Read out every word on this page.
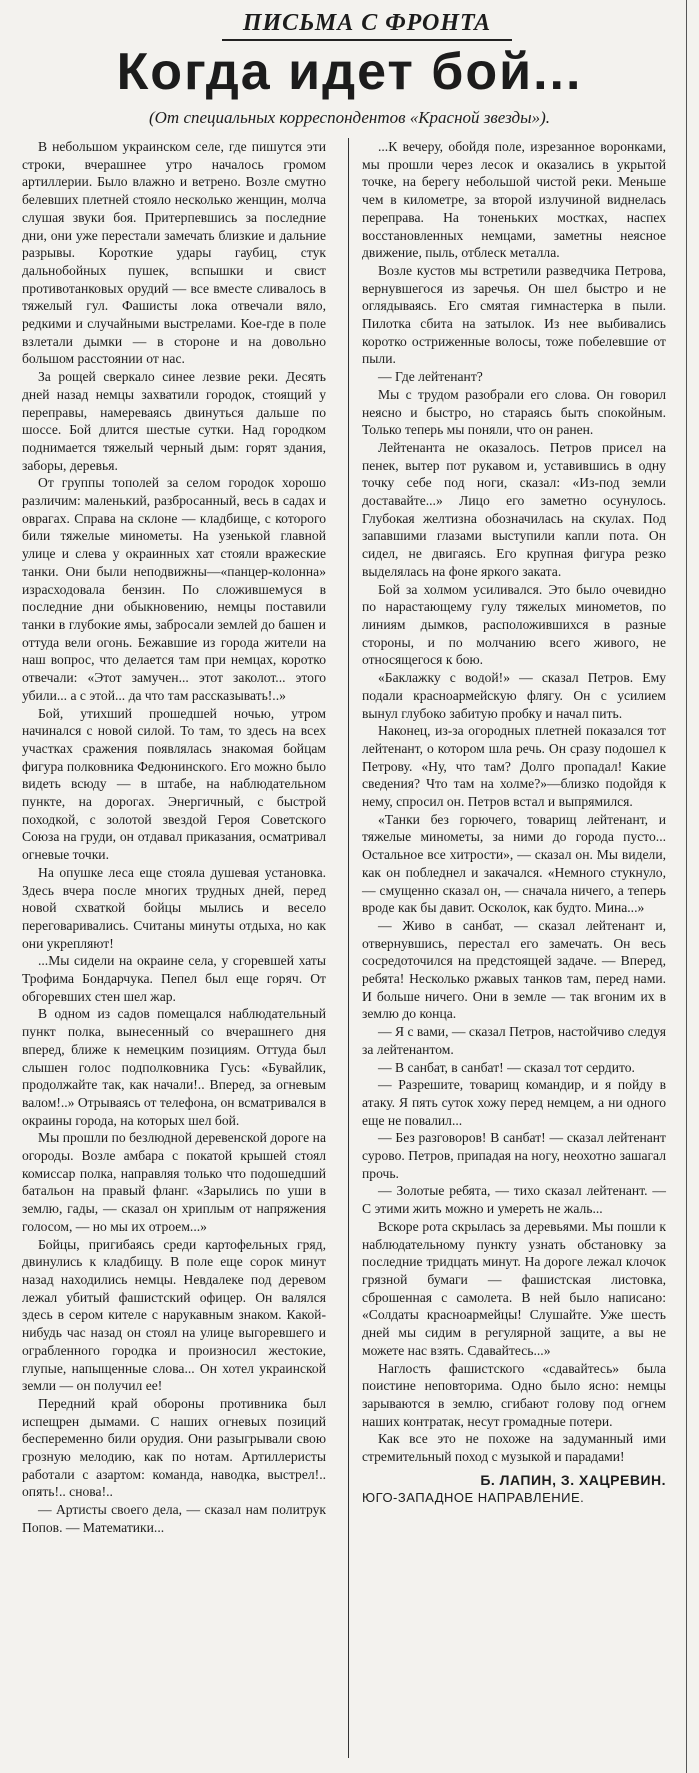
ПИСЬМА С ФРОНТА
Когда идет бой...
(От специальных корреспондентов «Красной звезды»).

В небольшом украинском селе, где пишутся эти строки, вчерашнее утро началось громом артиллерии. Было влажно и ветрено. Возле смутно белевших плетней стояло несколько женщин, молча слушая звуки боя. Притерпевшись за последние дни, они уже перестали замечать близкие и дальние разрывы. Короткие удары гаубиц, стук дальнобойных пушек, вспышки и свист противотанковых орудий — все вместе сливалось в тяжелый гул. Фашисты лока отвечали вяло, редкими и случайными выстрелами. Кое-где в поле взлетали дымки — в стороне и на довольно большом расстоянии от нас.

За рощей сверкало синее лезвие реки. Десять дней назад немцы захватили городок, стоящий у переправы, намереваясь двинуться дальше по шоссе. Бой длится шестые сутки. Над городком поднимается тяжелый черный дым: горят здания, заборы, деревья.

От группы тополей за селом городок хорошо различим: маленький, разбросанный, весь в садах и оврагах. Справа на склоне — кладбище, с которого били тяжелые минометы. На узенькой главной улице и слева у окраинных хат стояли вражеские танки. Они были неподвижны—«панцер-колонна» израсходовала бензин. По сложившемуся в последние дни обыкновению, немцы поставили танки в глубокие ямы, забросали землей до башен и оттуда вели огонь. Бежавшие из города жители на наш вопрос, что делается там при немцах, коротко отвечали: «Этот замучен... этот заколот... этого убили... а с этой... да что там рассказывать!..»

Бой, утихший прошедшей ночью, утром начинался с новой силой. То там, то здесь на всех участках сражения появлялась знакомая бойцам фигура полковника Федюнинского. Его можно было видеть всюду — в штабе, на наблюдательном пункте, на дорогах. Энергичный, с быстрой походкой, с золотой звездой Героя Советского Союза на груди, он отдавал приказания, осматривал огневые точки.

На опушке леса еще стояла душевая установка. Здесь вчера после многих трудных дней, перед новой схваткой бойцы мылись и весело переговаривались. Считаны минуты отдыха, но как они укрепляют!

...Мы сидели на окраине села, у сгоревшей хаты Трофима Бондарчука. Пепел был еще горяч. От обгоревших стен шел жар.

В одном из садов помещался наблюдательный пункт полка, вынесенный со вчерашнего дня вперед, ближе к немецким позициям. Оттуда был слышен голос подполковника Гусь: «Бувайлик, продолжайте так, как начали!.. Вперед, за огневым валом!..» Отрываясь от телефона, он всматривался в окраины города, на которых шел бой.

Мы прошли по безлюдной деревенской дороге на огороды. Возле амбара с покатой крышей стоял комиссар полка, направляя только что подошедший батальон на правый фланг. «Зарылись по уши в землю, гады, — сказал он хриплым от напряжения голосом, — но мы их отроем...»

Бойцы, пригибаясь среди картофельных гряд, двинулись к кладбищу. В поле еще сорок минут назад находились немцы. Невдалеке под деревом лежал убитый фашистский офицер. Он валялся здесь в сером кителе с нарукавным знаком. Какой-нибудь час назад он стоял на улице выгоревшего и ограбленного городка и произносил жестокие, глупые, напыщенные слова... Он хотел украинской земли — он получил ее!

Передний край обороны противника был испещрен дымами. С наших огневых позиций беспеременно били орудия. Они разыгрывали свою грозную мелодию, как по нотам. Артиллеристы работали с азартом: команда, наводка, выстрел!.. опять!.. снова!..

— Артисты своего дела, — сказал нам политрук Попов. — Математики...

...К вечеру, обойдя поле, изрезанное воронками, мы прошли через лесок и оказались в укрытой точке, на берегу небольшой чистой реки. Меньше чем в километре, за второй излучиной виднелась переправа. На тоненьких мостках, наспех восстановленных немцами, заметны неясное движение, пыль, отблеск металла.

Возле кустов мы встретили разведчика Петрова, вернувшегося из заречья. Он шел быстро и не оглядываясь. Его смятая гимнастерка в пыли. Пилотка сбита на затылок. Из нее выбивались коротко остриженные волосы, тоже побелевшие от пыли.

— Где лейтенант?

Мы с трудом разобрали его слова. Он говорил неясно и быстро, но стараясь быть спокойным. Только теперь мы поняли, что он ранен.

Лейтенанта не оказалось. Петров присел на пенек, вытер пот рукавом и, уставившись в одну точку себе под ноги, сказал: «Из-под земли доставайте...» Лицо его заметно осунулось. Глубокая желтизна обозначилась на скулах. Под запавшими глазами выступили капли пота. Он сидел, не двигаясь. Его крупная фигура резко выделялась на фоне яркого заката.

Бой за холмом усиливался. Это было очевидно по нарастающему гулу тяжелых минометов, по линиям дымков, расположившихся в разные стороны, и по молчанию всего живого, не относящегося к бою.

«Баклажку с водой!» — сказал Петров. Ему подали красноармейскую флягу. Он с усилием вынул глубоко забитую пробку и начал пить.

Наконец, из-за огородных плетней показался тот лейтенант, о котором шла речь. Он сразу подошел к Петрову. «Ну, что там? Долго пропадал! Какие сведения? Что там на холме?»—близко подойдя к нему, спросил он. Петров встал и выпрямился.

«Танки без горючего, товарищ лейтенант, и тяжелые минометы, за ними до города пусто... Остальное все хитрости», — сказал он. Мы видели, как он побледнел и закачался. «Немного стукнуло, — смущенно сказал он, — сначала ничего, а теперь вроде как бы давит. Осколок, как будто. Мина...»

— Живо в санбат, — сказал лейтенант и, отвернувшись, перестал его замечать. Он весь сосредоточился на предстоящей задаче. — Вперед, ребята! Несколько ржавых танков там, перед нами. И больше ничего. Они в земле — так вгоним их в землю до конца.

— Я с вами, — сказал Петров, настойчиво следуя за лейтенантом.

— В санбат, в санбат! — сказал тот сердито.

— Разрешите, товарищ командир, и я пойду в атаку. Я пять суток хожу перед немцем, а ни одного еще не повалил...

— Без разговоров! В санбат! — сказал лейтенант сурово. Петров, припадая на ногу, неохотно зашагал прочь.

— Золотые ребята, — тихо сказал лейтенант. — С этими жить можно и умереть не жаль...

Вскоре рота скрылась за деревьями. Мы пошли к наблюдательному пункту узнать обстановку за последние тридцать минут. На дороге лежал клочок грязной бумаги — фашистская листовка, сброшенная с самолета. В ней было написано: «Солдаты красноармейцы! Слушайте. Уже шесть дней мы сидим в регулярной защите, а вы не можете нас взять. Сдавайтесь...»

Наглость фашистского «сдавайтесь» была поистине неповторима. Одно было ясно: немцы зарываются в землю, сгибают голову под огнем наших контратак, несут громадные потери.

Как все это не похоже на задуманный ими стремительный поход с музыкой и парадами!

Б. ЛАПИН, З. ХАЦРЕВИН.

ЮГО-ЗАПАДНОЕ НАПРАВЛЕНИЕ.
